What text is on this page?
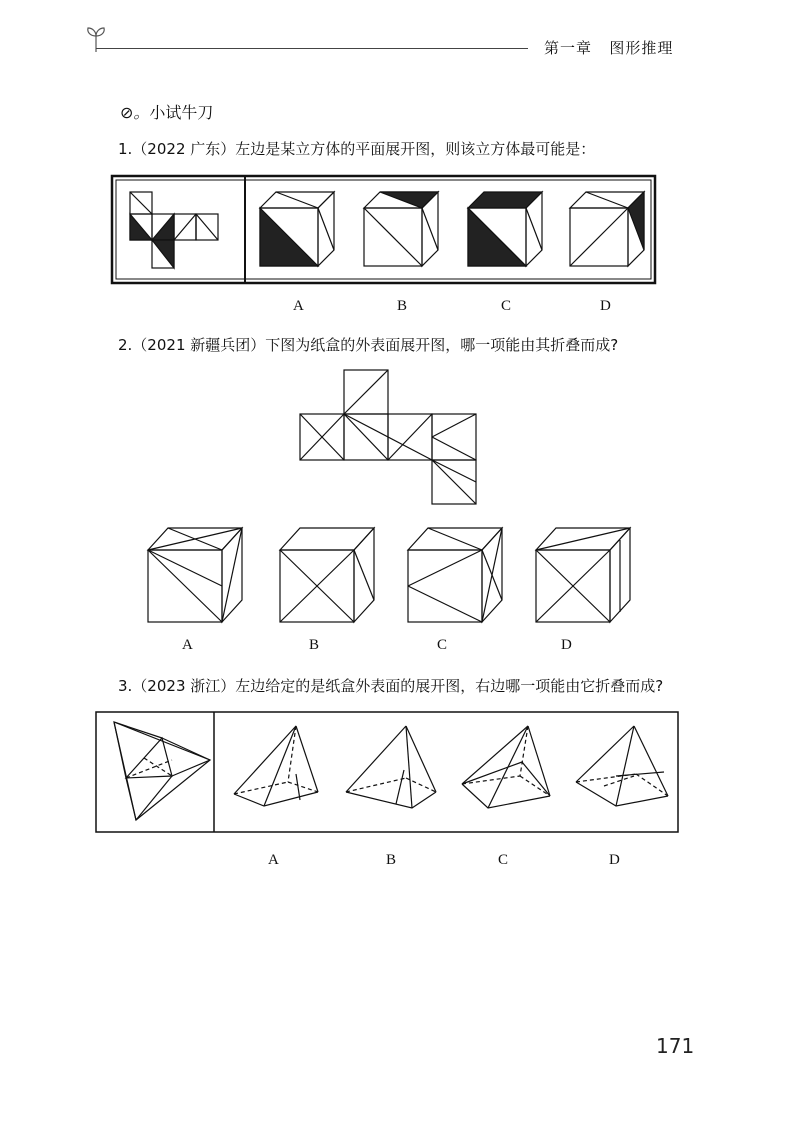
第一章 图形推理
⊘。小试牛刀
1.（2022 广东）左边是某立方体的平面展开图，则该立方体最可能是：
A	B	C	D
2.（2021 新疆兵团）下图为纸盒的外表面展开图，哪一项能由其折叠而成?
A	B	C	D
3.（2023 浙江）左边给定的是纸盒外表面的展开图，右边哪一项能由它折叠而成?
A	B	C	D
171
